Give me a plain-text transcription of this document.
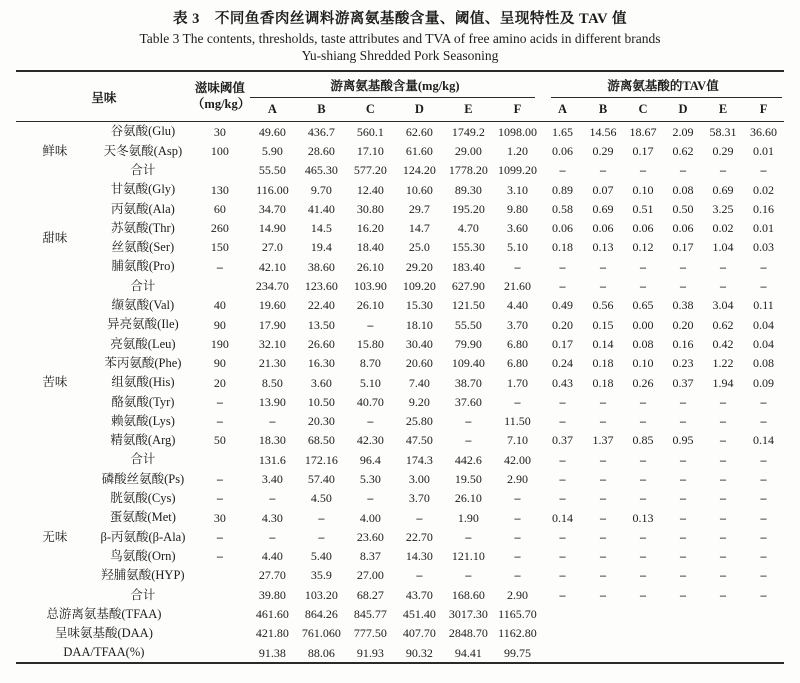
表 3　不同鱼香肉丝调料游离氨基酸含量、阈值、呈现特性及 TAV 值
Table 3 The contents, thresholds, taste attributes and TVA of free amino acids in different brands
Yu-shiang Shredded Pork Seasoning
呈味		滋味阈值
（mg/kg）	游离氨基酸含量(mg/kg)						游离氨基酸的TAV值					
			A	B	C	D	E	F	A	B	C	D	E	F
鲜味	谷氨酸(Glu)	30	49.60	436.7	560.1	62.60	1749.2	1098.00	1.65	14.56	18.67	2.09	58.31	36.60
	天冬氨酸(Asp)	100	5.90	28.60	17.10	61.60	29.00	1.20	0.06	0.29	0.17	0.62	0.29	0.01
	合计		55.50	465.30	577.20	124.20	1778.20	1099.20	–	–	–	–	–	–
甜味	甘氨酸(Gly)	130	116.00	9.70	12.40	10.60	89.30	3.10	0.89	0.07	0.10	0.08	0.69	0.02
	丙氨酸(Ala)	60	34.70	41.40	30.80	29.7	195.20	9.80	0.58	0.69	0.51	0.50	3.25	0.16
	苏氨酸(Thr)	260	14.90	14.5	16.20	14.7	4.70	3.60	0.06	0.06	0.06	0.06	0.02	0.01
	丝氨酸(Ser)	150	27.0	19.4	18.40	25.0	155.30	5.10	0.18	0.13	0.12	0.17	1.04	0.03
	脯氨酸(Pro)	–	42.10	38.60	26.10	29.20	183.40	–	–	–	–	–	–	–
	合计		234.70	123.60	103.90	109.20	627.90	21.60	–	–	–	–	–	–
苦味	缬氨酸(Val)	40	19.60	22.40	26.10	15.30	121.50	4.40	0.49	0.56	0.65	0.38	3.04	0.11
	异亮氨酸(Ile)	90	17.90	13.50	–	18.10	55.50	3.70	0.20	0.15	0.00	0.20	0.62	0.04
	亮氨酸(Leu)	190	32.10	26.60	15.80	30.40	79.90	6.80	0.17	0.14	0.08	0.16	0.42	0.04
	苯丙氨酸(Phe)	90	21.30	16.30	8.70	20.60	109.40	6.80	0.24	0.18	0.10	0.23	1.22	0.08
	组氨酸(His)	20	8.50	3.60	5.10	7.40	38.70	1.70	0.43	0.18	0.26	0.37	1.94	0.09
	酪氨酸(Tyr)	–	13.90	10.50	40.70	9.20	37.60	–	–	–	–	–	–	–
	赖氨酸(Lys)	–	–	20.30	–	25.80	–	11.50	–	–	–	–	–	–
	精氨酸(Arg)	50	18.30	68.50	42.30	47.50	–	7.10	0.37	1.37	0.85	0.95	–	0.14
	合计		131.6	172.16	96.4	174.3	442.6	42.00	–	–	–	–	–	–
无味	磷酸丝氨酸(Ps)	–	3.40	57.40	5.30	3.00	19.50	2.90	–	–	–	–	–	–
	胱氨酸(Cys)	–	–	4.50	–	3.70	26.10	–	–	–	–	–	–	–
	蛋氨酸(Met)	30	4.30	–	4.00	–	1.90	–	0.14	–	0.13	–	–	–
	β-丙氨酸(β-Ala)	–	–	–	23.60	22.70	–	–	–	–	–	–	–	–
	鸟氨酸(Orn)	–	4.40	5.40	8.37	14.30	121.10	–	–	–	–	–	–	–
	羟脯氨酸(HYP)		27.70	35.9	27.00	–	–	–	–	–	–	–	–	–
	合计		39.80	103.20	68.27	43.70	168.60	2.90	–	–	–	–	–	–
总游离氨基酸(TFAA)			461.60	864.26	845.77	451.40	3017.30	1165.70						
呈味氨基酸(DAA)			421.80	761.060	777.50	407.70	2848.70	1162.80						
DAA/TFAA(%)			91.38	88.06	91.93	90.32	94.41	99.75						
